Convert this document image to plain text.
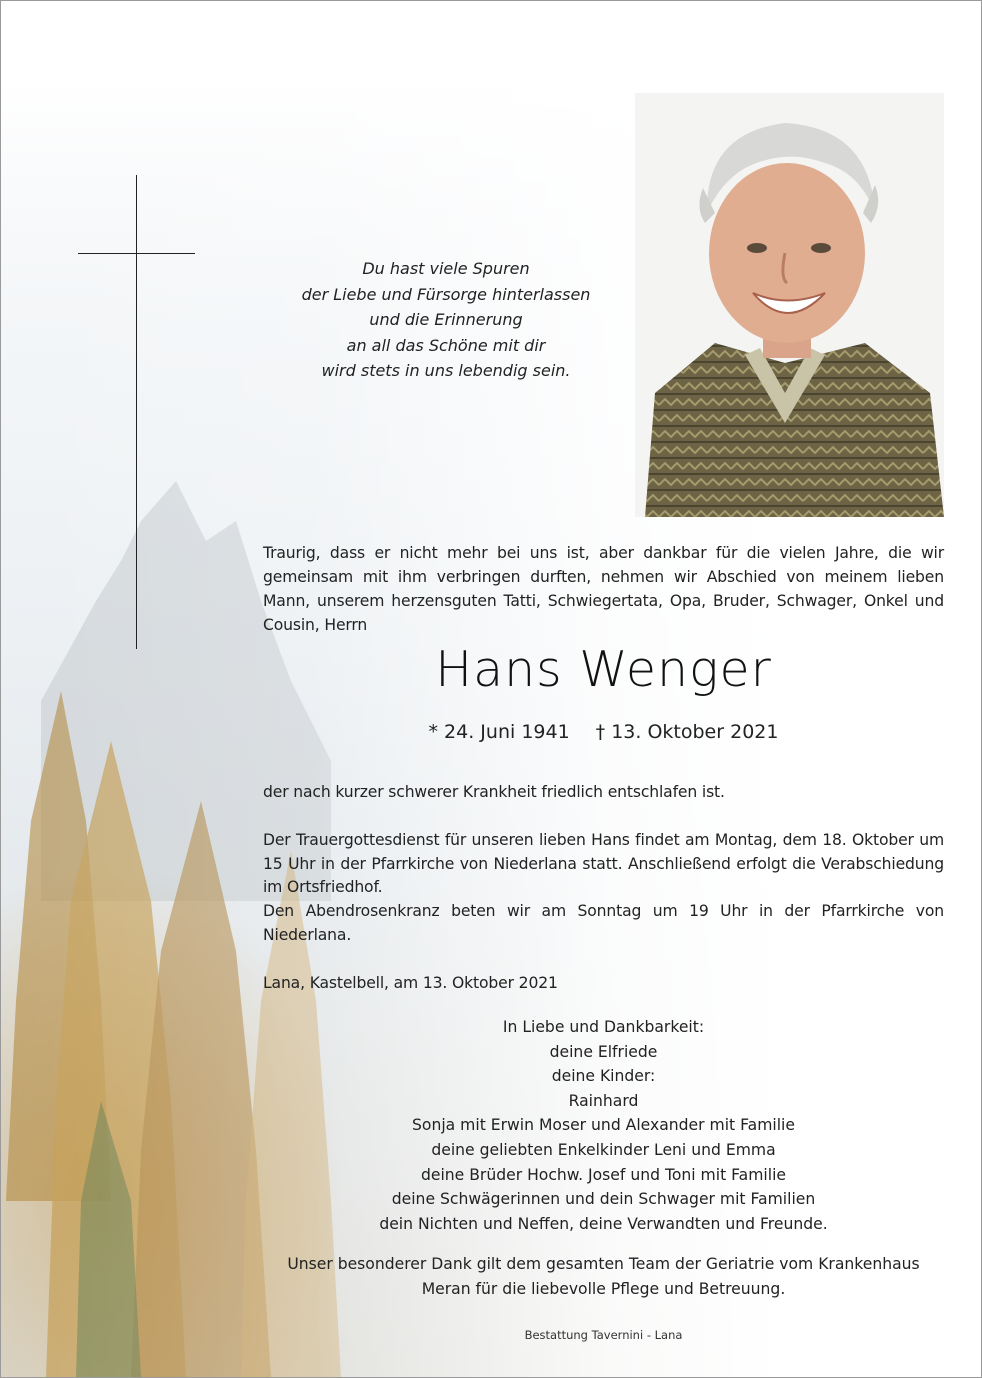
Du hast viele Spuren
der Liebe und Fürsorge hinterlassen
und die Erinnerung
an all das Schöne mit dir
wird stets in uns lebendig sein.
Traurig, dass er nicht mehr bei uns ist, aber dankbar für die vielen Jahre, die wir gemeinsam mit ihm verbringen durften, nehmen wir Abschied von meinem lieben Mann, unserem herzensguten Tatti, Schwiegertata, Opa, Bruder, Schwager, Onkel und Cousin, Herrn
Hans Wenger
* 24. Juni 1941 † 13. Oktober 2021
der nach kurzer schwerer Krankheit friedlich entschlafen ist.
Der Trauergottesdienst für unseren lieben Hans findet am Montag, dem 18. Oktober um 15 Uhr in der Pfarrkirche von Niederlana statt. Anschließend erfolgt die Verabschiedung im Ortsfriedhof.
Den Abendrosenkranz beten wir am Sonntag um 19 Uhr in der Pfarrkirche von Niederlana.
Lana, Kastelbell, am 13. Oktober 2021
In Liebe und Dankbarkeit:
deine Elfriede
deine Kinder:
Rainhard
Sonja mit Erwin Moser und Alexander mit Familie
deine geliebten Enkelkinder Leni und Emma
deine Brüder Hochw. Josef und Toni mit Familie
deine Schwägerinnen und dein Schwager mit Familien
dein Nichten und Neffen, deine Verwandten und Freunde.
Unser besonderer Dank gilt dem gesamten Team der Geriatrie vom Krankenhaus
Meran für die liebevolle Pflege und Betreuung.
Bestattung Tavernini - Lana
